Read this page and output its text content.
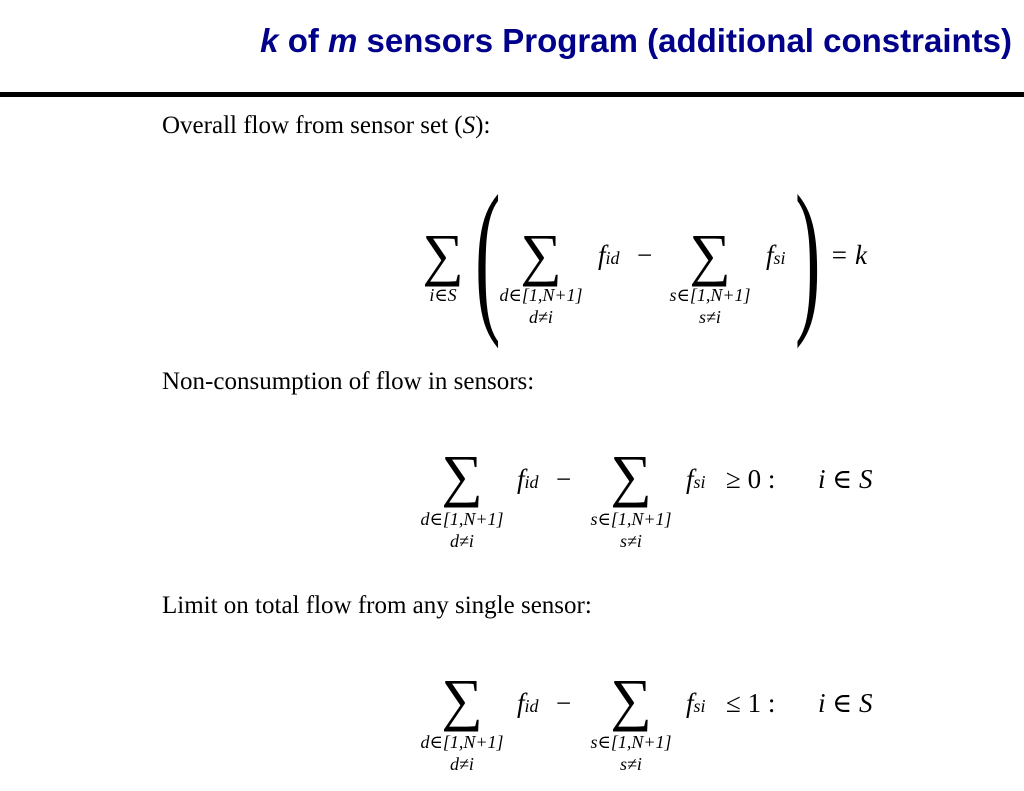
k of m sensors Program (additional constraints)
Overall flow from sensor set (S):
∑
i∈S ( ∑
d∈[1,N+1]
d≠i
fid − ∑
s∈[1,N+1]
s≠i
fsi ) = k
Non-consumption of flow in sensors:
∑
d∈[1,N+1]
d≠i
fid − ∑
s∈[1,N+1]
s≠i
fsi ≥ 0 : i ∈ S
Limit on total flow from any single sensor:
∑
d∈[1,N+1]
d≠i
fid − ∑
s∈[1,N+1]
s≠i
fsi ≤ 1 : i ∈ S
